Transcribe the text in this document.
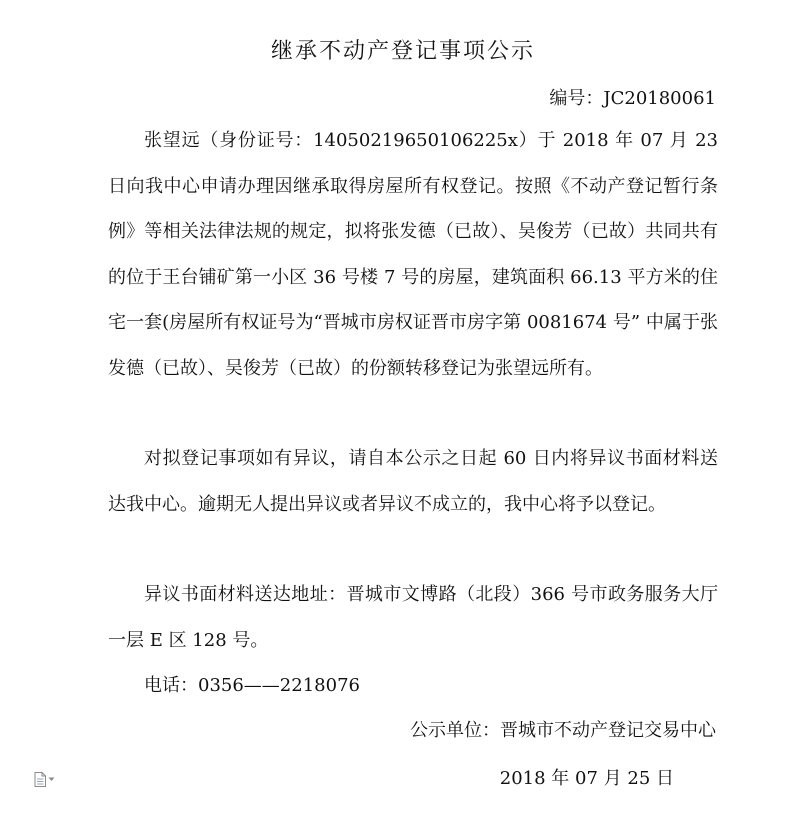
继承不动产登记事项公示

编号：JC20180061

张望远（身份证号：14050219650106225x）于 2018 年 07 月 23 日向我中心申请办理因继承取得房屋所有权登记。按照《不动产登记暂行条例》等相关法律法规的规定，拟将张发德（已故）、吴俊芳（已故）共同共有的位于王台铺矿第一小区 36 号楼 7 号的房屋，建筑面积 66.13 平方米的住宅一套(房屋所有权证号为“晋城市房权证晋市房字第 0081674 号” 中属于张发德（已故）、吴俊芳（已故）的份额转移登记为张望远所有。

对拟登记事项如有异议，请自本公示之日起 60 日内将异议书面材料送达我中心。逾期无人提出异议或者异议不成立的，我中心将予以登记。

异议书面材料送达地址：晋城市文博路（北段）366 号市政务服务大厅一层 E 区 128 号。

电话：0356——2218076

公示单位：晋城市不动产登记交易中心

2018 年 07 月 25 日
